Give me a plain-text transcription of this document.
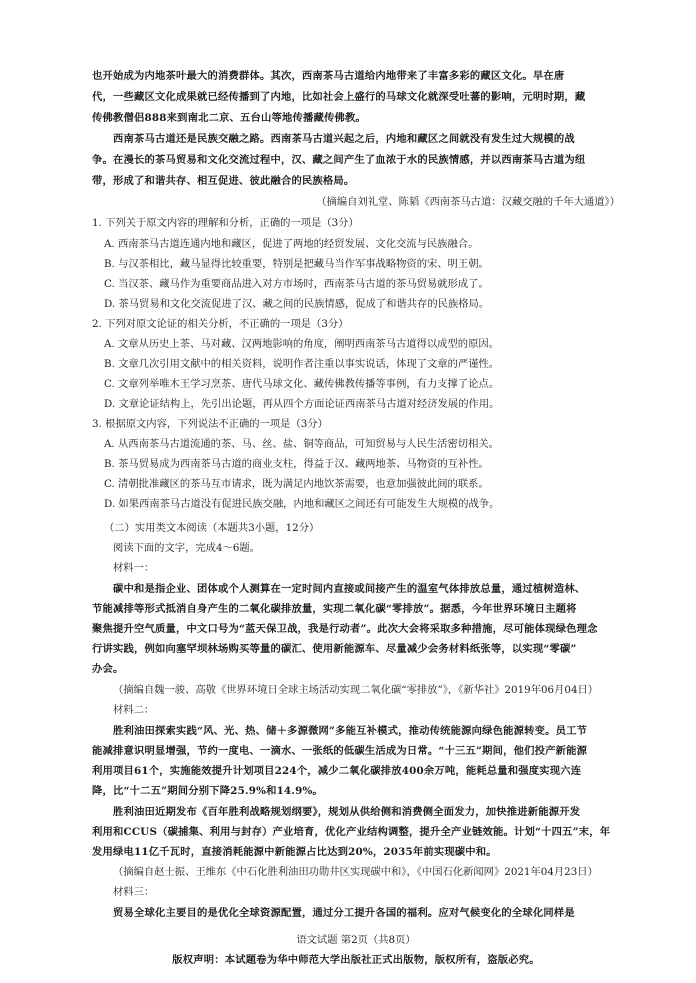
也开始成为内地茶叶最大的消费群体。其次，西南茶马古道给内地带来了丰富多彩的藏区文化。早在唐
代，一些藏区文化成果就已经传播到了内地，比如社会上盛行的马球文化就深受吐蕃的影响，元明时期，藏
传佛教僧侣888来到南北二京、五台山等地传播藏传佛教。
西南茶马古道还是民族交融之路。西南茶马古道兴起之后，内地和藏区之间就没有发生过大规模的战
争。在漫长的茶马贸易和文化交流过程中，汉、藏之间产生了血浓于水的民族情感，并以西南茶马古道为纽
带，形成了和谐共存、相互促进、彼此融合的民族格局。
（摘编自刘礼堂、陈韬《西南茶马古道：汉藏交融的千年大通道》）
1. 下列关于原文内容的理解和分析，正确的一项是（3分）
A. 西南茶马古道连通内地和藏区，促进了两地的经贸发展、文化交流与民族融合。
B. 与汉茶相比，藏马显得比较重要，特别是把藏马当作军事战略物资的宋、明王朝。
C. 当汉茶、藏马作为重要商品进入对方市场时，西南茶马古道的茶马贸易就形成了。
D. 茶马贸易和文化交流促进了汉、藏之间的民族情感，促成了和谐共存的民族格局。
2. 下列对原文论证的相关分析，不正确的一项是（3分）
A. 文章从历史上茶、马对藏、汉两地影响的角度，阐明西南茶马古道得以成型的原因。
B. 文章几次引用文献中的相关资料，说明作者注重以事实说话，体现了文章的严谨性。
C. 文章列举唯木王学习烹茶、唐代马球文化、藏传佛教传播等事例，有力支撑了论点。
D. 文章论证结构上，先引出论题，再从四个方面论证西南茶马古道对经济发展的作用。
3. 根据原文内容，下列说法不正确的一项是（3分）
A. 从西南茶马古道流通的茶、马、丝、盐、铜等商品，可知贸易与人民生活密切相关。
B. 茶马贸易成为西南茶马古道的商业支柱，得益于汉、藏两地茶、马物资的互补性。
C. 清朝批准藏区的茶马互市请求，既为满足内地饮茶需要，也意加强彼此间的联系。
D. 如果西南茶马古道没有促进民族交融，内地和藏区之间还有可能发生大规模的战争。
（二）实用类文本阅读（本题共3小题，12分）
阅读下面的文字，完成4～6题。
材料一：
碳中和是指企业、团体或个人测算在一定时间内直接或间接产生的温室气体排放总量，通过植树造林、
节能减排等形式抵消自身产生的二氧化碳排放量，实现二氧化碳“零排放”。据悉，今年世界环境日主题将
聚焦提升空气质量，中文口号为“蓝天保卫战，我是行动者”。此次大会将采取多种措施，尽可能体现绿色理念
行讲实践，例如向塞罕坝林场购买等量的碳汇、使用新能源车、尽量减少会务材料纸张等，以实现“零碳”
办会。
（摘编自魏一骏、高敬《世界环境日全球主场活动实现二氧化碳“零排放”》，《新华社》2019年06月04日）
材料二：
胜利油田探索实践“风、光、热、储＋多源微网”多能互补模式，推动传统能源向绿色能源转变。员工节
能减排意识明显增强，节约一度电、一滴水、一张纸的低碳生活成为日常。“十三五”期间，他们投产新能源
利用项目61个，实施能效提升计划项目224个，减少二氧化碳排放400余万吨，能耗总量和强度实现六连
降，比“十二五”期间分别下降25.9%和14.9%。
胜利油田近期发布《百年胜利战略规划纲要》，规划从供给侧和消费侧全面发力，加快推进新能源开发
利用和CCUS（碳捕集、利用与封存）产业培育，优化产业结构调整，提升全产业链效能。计划“十四五”末，年
发用绿电11亿千瓦时，直接消耗能源中新能源占比达到20%，2035年前实现碳中和。
（摘编自赵士振、王维东《中石化胜利油田功勋井区实现碳中和》，《中国石化新闻网》2021年04月23日）
材料三：
贸易全球化主要目的是优化全球资源配置，通过分工提升各国的福利。应对气候变化的全球化同样是
语文试题 第2页（共8页）
版权声明：本试题卷为华中师范大学出版社正式出版物，版权所有，盗版必究。
